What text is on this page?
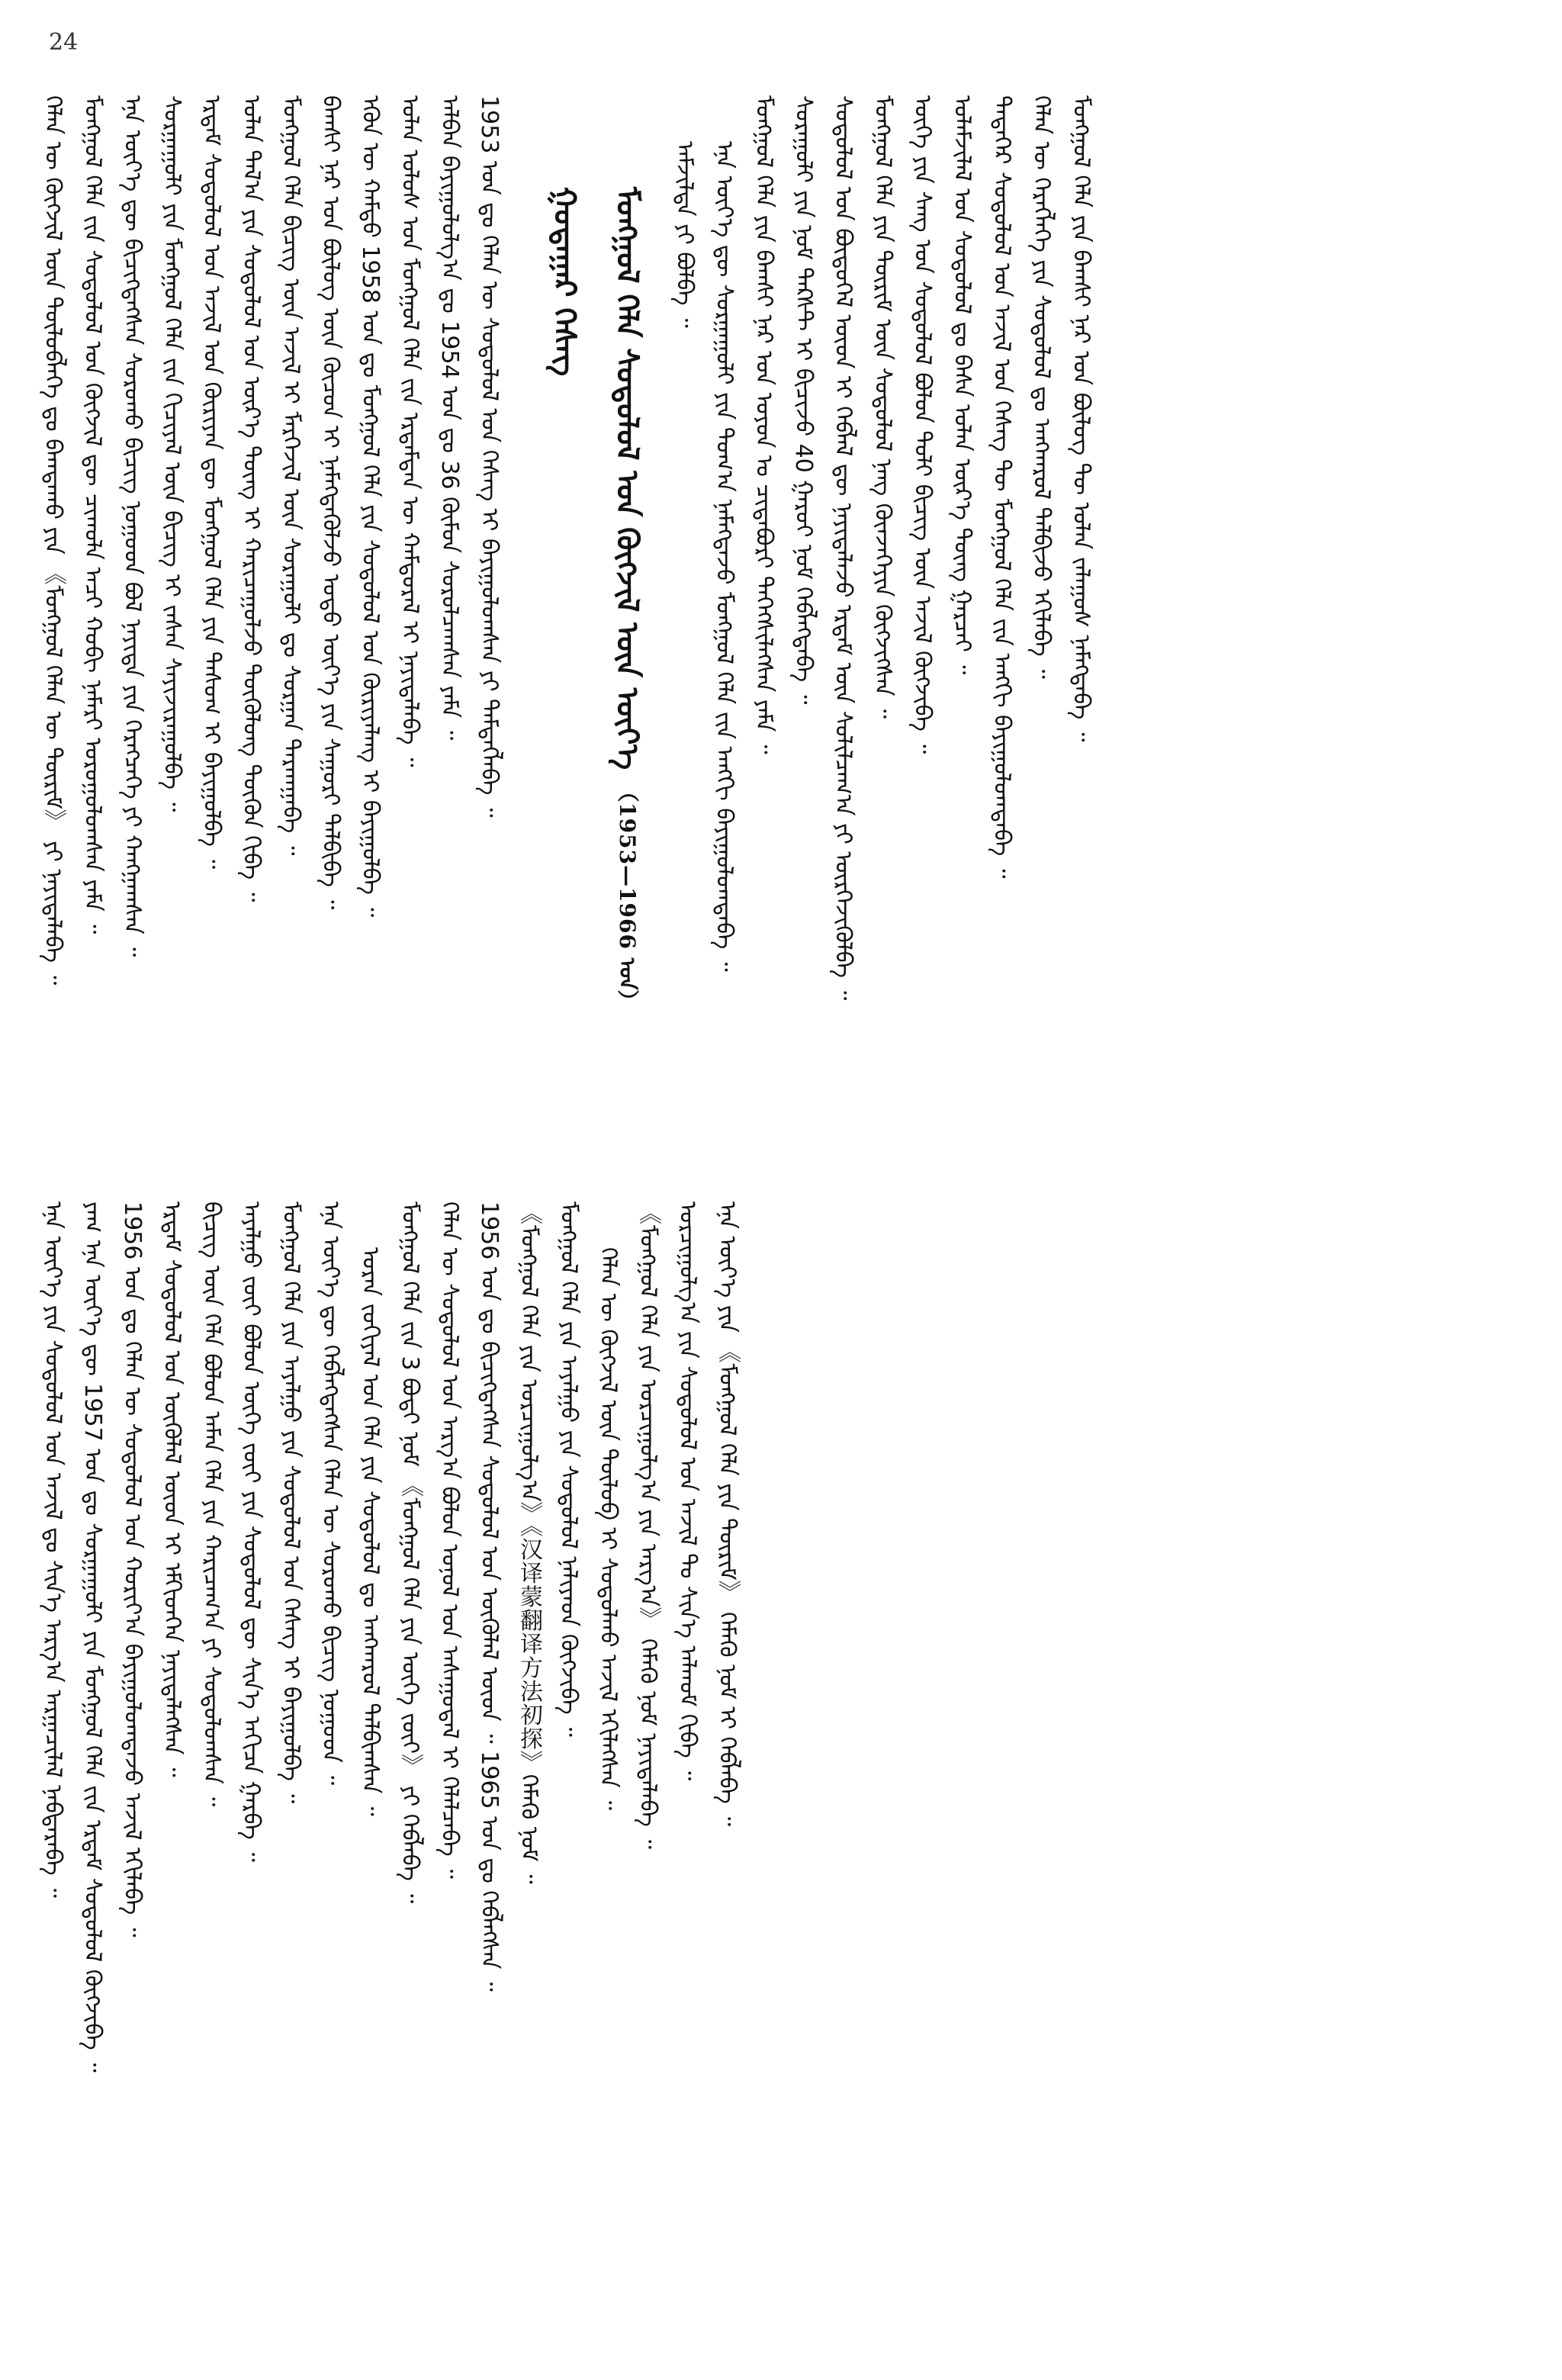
24
ᠬᠡᠯᠡᠨ ᠦ ᠬᠥᠭᠵᠢᠯ ᠦᠨ ᠲᠥᠯᠥᠪᠯᠡᠭᠡ ᠳᠤ ᠪᠠᠭᠲᠠᠬᠤ ᠶᠢᠨ 《ᠮᠣᠩᠭᠣᠯ ᠬᠡᠯᠡᠨ ᠦ ᠳᠦᠷᠢᠮ》 ᠶᠢ ᠨᠡᠶᠢᠲᠡᠯᠡᠪᠡ ᠃ ᠮᠣᠩᠭᠣᠯ ᠬᠡᠯᠡ ᠵᠢᠨ ᠰᠤᠳᠤᠯᠤᠯ ᠤᠨ ᠬᠥᠭᠵᠢᠯ ᠳᠦ ᠴᠢᠬᠤᠯᠠ ᠠᠴᠢ ᠬᠤᠪᠢ ᠨᠡᠮᠡᠷᠢ ᠣᠷᠤᠭᠤᠯᠤᠭᠰᠠᠨ ᠶᠠᠮᠠ ᠃ ᠡᠨᠡ ᠦᠶ᠎ᠡ ᠳᠦ ᠪᠢᠴᠢᠭᠳᠡᠭᠰᠡᠨ ᠰᠤᠷᠤᠬᠤ ᠪᠢᠴᠢᠭ ᠨᠤᠭᠤᠳ ᠪᠣᠯ ᠨᠡᠶᠢᠲᠡ ᠶᠢᠨ ᠬᠡᠷᠡᠭᠴᠡᠭᠡ ᠶᠢ ᠬᠠᠩᠭᠠᠭᠰᠠᠨ ᠃ ᠰᠤᠷᠭᠠᠭᠤᠯᠢ ᠶᠢᠨ ᠮᠣᠩᠭᠣᠯ ᠬᠡᠯᠡ ᠵᠢᠨ ᠬᠢᠴᠢᠶᠡᠯ ᠦᠨ ᠪᠢᠴᠢᠭ ᠢ ᠵᠠᠰᠠᠨ ᠰᠠᠶᠢᠵᠢᠷᠠᠭᠤᠯᠪᠠ ᠃ ᠡᠷᠳᠡᠮ ᠰᠤᠳᠤᠯᠤᠯ ᠤᠨ ᠠᠵᠢᠯ ᠤᠨ ᠬᠦᠷᠢᠶᠡᠨ ᠳᠦ ᠮᠣᠩᠭᠣᠯ ᠬᠡᠯᠡ ᠶᠢᠨ ᠲᠠᠰᠤᠭ ᠢ ᠪᠠᠶᠢᠭᠤᠯᠪᠠ ᠃ ᠣᠯᠠᠨ ᠲᠠᠯ᠎ᠠ ᠶᠢᠨ ᠰᠤᠳᠤᠯᠤᠯ ᠤᠨ ᠦᠷ᠎ᠡ ᠳᠦᠩ ᠢ ᠬᠠᠷᠢᠴᠠᠭᠤᠯᠵᠤ ᠳᠦᠭᠦᠯᠦᠩ ᠳᠦᠭᠦᠨ ᠬᠢᠪᠡ ᠃ ᠮᠣᠩᠭᠣᠯ ᠬᠡᠯᠡ ᠪᠢᠴᠢᠭ ᠦᠨ ᠠᠵᠢᠯ ᠢ ᠮᠡᠷᠭᠡᠵᠢᠯ ᠦᠨ ᠰᠤᠷᠠᠭᠤᠯᠢ ᠳᠤ ᠰᠤᠷᠭᠠᠨ ᠲᠠᠷᠬᠠᠭᠠᠪᠠ ᠃ ᠪᠠᠭᠰᠢ ᠨᠠᠷ ᠤᠨ ᠪᠦᠯᠦᠭ ᠦᠨ ᠬᠦᠴᠦᠨ ᠢ ᠨᠡᠮᠡᠭᠳᠡᠭᠦᠯᠵᠦ ᠣᠳᠣ ᠦᠶ᠎ᠡ ᠶᠢᠨ ᠰᠠᠭᠤᠷᠢ ᠲᠠᠯᠪᠢᠪᠠ ᠃ ᠡᠭᠦᠨ ᠦ ᠬᠠᠮᠲᠤ 1958 ᠣᠨ ᠳᠤ ᠮᠣᠩᠭᠣᠯ ᠬᠡᠯᠡ ᠶᠢᠨ ᠰᠤᠳᠤᠯᠤᠯ ᠤᠨ ᠬᠦᠷᠢᠶᠡᠯᠡᠩ ᠢ ᠪᠠᠶᠢᠭᠤᠯᠪᠠ ᠃ ᠣᠯᠠᠨ ᠤᠯᠤᠰ ᠤᠨ ᠮᠣᠩᠭᠣᠯ ᠬᠡᠯᠡ ᠵᠢᠨ ᠡᠷᠳᠡᠮᠲᠡᠨ ᠦ ᠬᠠᠮᠲᠤᠷᠠᠯ ᠢ ᠨᠡᠶᠢᠲᠡᠯᠡᠪᠡ ᠃ ᠠᠯᠪᠠᠨ ᠪᠠᠶᠢᠭᠤᠯᠤᠯᠭ᠎ᠠ ᠳᠤ 1954 ᠣᠨ ᠳᠤ 36 ᠬᠦᠮᠦᠨ ᠰᠤᠷᠤᠯᠴᠠᠭᠰᠠᠨ ᠶᠠᠮᠠ ᠃ 1953 ᠣᠨ ᠳᠤ ᠬᠡᠯᠡᠨ ᠦ ᠰᠤᠳᠤᠯᠤᠯ ᠤᠨ ᠬᠡᠰᠡᠭ ᠢ ᠪᠠᠶᠢᠭᠤᠯᠤᠭᠰᠠᠨ ᠶᠢ ᠲᠡᠮᠳᠡᠭᠯᠡᠪᠡ ᠃ ᠭᠤᠳᠠᠭᠠᠷ ᠬᠡᠰᠡᠭ ᠮᠣᠩᠭᠣᠯ ᠬᠡᠯᠡ ᠰᠤᠳᠤᠯᠤᠯ ᠤᠨ ᠬᠥᠭᠵᠢᠯ ᠦᠨ ᠦᠶ᠎ᠡ （1953—1966 ᠣᠨ）
ᠠᠮᠵᠢᠯᠲᠠ ᠶᠢ ᠪᠣᠯᠪᠠ ᠃ ᠡᠨᠡ ᠦᠶ᠎ᠡ ᠳᠦ ᠰᠤᠷᠭᠠᠭᠤᠯᠢ ᠶᠢᠨ ᠲᠣᠭ᠎ᠠ ᠨᠡᠮᠡᠭᠳᠡᠵᠦ ᠮᠣᠩᠭᠣᠯ ᠬᠡᠯᠡ ᠵᠢᠨ ᠠᠩᠭᠢ ᠪᠠᠶᠢᠭᠤᠯᠤᠭᠳᠠᠪᠠ ᠃ ᠮᠣᠩᠭᠣᠯ ᠬᠡᠯᠡ ᠶᠢᠨ ᠪᠠᠭᠰᠢ ᠨᠠᠷ ᠤᠨ ᠣᠶᠤᠨ ᠤ ᠴᠢᠳᠠᠪᠤᠷᠢ ᠳᠡᠭᠡᠭᠰᠢᠯᠡᠭᠰᠡᠨ ᠶᠠᠮᠠ ᠃ ᠰᠤᠷᠠᠭᠤᠯᠢ ᠶᠢᠨ ᠨᠣᠮ ᠲᠡᠺᠰᠲ ᠢ ᠪᠢᠴᠢᠵᠦ 40 ᠭᠠᠷᠤᠢ ᠨᠣᠮ ᠬᠡᠪᠯᠡᠭᠳᠡᠪᠡ ᠃ ᠰᠤᠳᠤᠯᠤᠯ ᠤᠨ ᠪᠦᠲᠦᠭᠡᠯ ᠦᠳ ᠢ ᠬᠡᠪᠯᠡᠯ ᠳᠦ ᠨᠡᠶᠢᠲᠡᠯᠡᠵᠦ ᠡᠷᠳᠡᠮ ᠦᠨ ᠰᠣᠯᠢᠯᠴᠠᠭ᠎ᠠ ᠶᠢ ᠥᠷᠭᠡᠵᠢᠭᠦᠯᠪᠡ ᠃ ᠮᠣᠩᠭᠣᠯ ᠬᠡᠯᠡ ᠶᠢᠨ ᠳᠦᠷᠢᠮ ᠦᠨ ᠰᠤᠳᠤᠯᠤᠯ ᠨᠡᠩ ᠭᠦᠨᠵᠡᠭᠡᠶᠢᠨ ᠬᠥᠭᠵᠢᠭᠰᠡᠨ ᠃ ᠦᠭᠡ ᠶᠢᠨ ᠰᠠᠩ ᠤᠨ ᠰᠤᠳᠤᠯᠤᠯ ᠪᠣᠯᠤᠨ ᠲᠣᠯᠢ ᠪᠢᠴᠢᠭ ᠦᠨ ᠠᠵᠢᠯ ᠬᠥᠭᠵᠢᠪᠡ ᠃ ᠤᠯᠠᠮᠵᠢᠯᠠᠯ ᠤᠨ ᠰᠤᠳᠤᠯᠤᠯ ᠳᠤ ᠪᠠᠰᠠ ᠣᠯᠠᠨ ᠦᠷ᠎ᠡ ᠳᠦᠩ ᠭᠠᠷᠴᠠᠢ ᠃ ᠲᠡᠳᠡᠭᠡᠷ ᠰᠤᠳᠤᠯᠤᠯ ᠤᠨ ᠠᠵᠢᠯ ᠤᠨ ᠬᠡᠰᠡᠭ ᠲᠦ ᠮᠣᠩᠭᠣᠯ ᠬᠡᠯᠡ ᠵᠢᠨ ᠠᠩᠭᠢ ᠪᠠᠶᠢᠭᠤᠯᠤᠭᠳᠠᠪᠠ ᠃ ᠬᠡᠯᠡᠨ ᠦ ᠬᠡᠷᠡᠭᠯᠡᠭᠡ ᠶᠢᠨ ᠰᠤᠳᠤᠯᠤᠯ ᠳᠤ ᠠᠩᠬᠠᠷᠤᠯ ᠲᠠᠯᠪᠢᠵᠤ ᠡᠬᠢᠯᠡᠪᠡ ᠃ ᠮᠣᠩᠭᠣᠯ ᠬᠡᠯᠡ ᠶᠢᠨ ᠪᠠᠭᠰᠢ ᠨᠠᠷ ᠤᠨ ᠪᠦᠯᠦᠭ ᠲᠦ ᠣᠯᠠᠨ ᠵᠠᠯᠠᠭᠤᠰ ᠨᠡᠮᠡᠭᠳᠡᠪᠡ ᠃
ᠡᠨᠡ ᠦᠶ᠎ᠡ ᠶᠢᠨ ᠰᠤᠳᠤᠯᠤᠯ ᠤᠨ ᠠᠵᠢᠯ ᠳᠤ ᠰᠢᠨ᠎ᠡ ᠠᠷᠭ᠎ᠠ ᠠᠷᠭᠠᠴᠢᠯᠠᠯ ᠨᠡᠪᠲᠡᠷᠡᠪᠡ ᠃ ᠶᠠᠭ ᠡᠨᠡ ᠦᠶ᠎ᠡ ᠳᠦ 1957 ᠣᠨ ᠳᠤ ᠰᠤᠷᠭᠠᠭᠤᠯᠢ ᠶᠢᠨ ᠮᠣᠩᠭᠣᠯ ᠬᠡᠯᠡ ᠵᠢᠨ ᠡᠷᠳᠡᠮ ᠰᠤᠳᠤᠯᠤᠯ ᠬᠥᠭᠵᠢᠪᠡ ᠃ 1956 ᠣᠨ ᠳᠤ ᠬᠡᠯᠡᠨ ᠦ ᠰᠤᠳᠤᠯᠤᠯ ᠤᠨ ᠬᠣᠷᠢᠶ᠎ᠠ ᠪᠠᠶᠢᠭᠤᠯᠤᠭᠳᠠᠵᠤ ᠠᠵᠢᠯ ᠡᠬᠢᠯᠡᠪᠡ ᠃ ᠡᠷᠳᠡᠮ ᠰᠤᠳᠤᠯᠤᠯ ᠤᠨ ᠥᠭᠦᠯᠡᠯ ᠦᠳ ᠢ ᠡᠮᠬᠢᠳᠬᠡᠨ ᠨᠡᠶᠢᠲᠡᠯᠡᠭᠰᠡᠨ ᠃ ᠪᠢᠴᠢᠭ ᠦᠨ ᠬᠡᠯᠡ ᠪᠣᠯᠤᠨ ᠠᠮᠠᠨ ᠬᠡᠯᠡ ᠶᠢᠨ ᠬᠠᠷᠢᠴᠠᠭ᠎ᠠ ᠶᠢ ᠰᠤᠳᠤᠯᠤᠭᠰᠠᠨ ᠃ ᠠᠶᠠᠯᠭᠤ ᠵᠦᠢ ᠪᠣᠯᠤᠨ ᠦᠭᠡ ᠵᠦᠢ ᠶᠢᠨ ᠰᠤᠳᠤᠯᠤᠯ ᠳᠦ ᠰᠢᠨ᠎ᠡ ᠠᠬᠢᠴᠠ ᠭᠠᠷᠪᠠ ᠃ ᠮᠣᠩᠭᠣᠯ ᠬᠡᠯᠡ ᠶᠢᠨ ᠠᠶᠠᠯᠭᠤ ᠶᠢᠨ ᠰᠤᠳᠤᠯᠤᠯ ᠤᠨ ᠬᠡᠰᠡᠭ ᠢ ᠪᠠᠶᠢᠭᠤᠯᠪᠠ ᠃ ᠡᠨᠡ ᠦᠶ᠎ᠡ ᠳᠦ ᠬᠡᠪᠯᠡᠭᠳᠡᠭᠰᠡᠨ ᠬᠡᠯᠡᠨ ᠦ ᠰᠤᠷᠤᠬᠤ ᠪᠢᠴᠢᠭ ᠨᠤᠭᠤᠳ ᠃ ᠤᠷᠠᠨ ᠵᠣᠬᠢᠶᠠᠯ ᠤᠨ ᠬᠡᠯᠡ ᠶᠢᠨ ᠰᠤᠳᠤᠯᠤᠯ ᠳᠤ ᠠᠩᠬᠠᠷᠤᠯ ᠲᠠᠯᠪᠢᠭᠰᠠᠨ ᠃ ᠮᠣᠩᠭᠣᠯ ᠬᠡᠯᠡ ᠵᠢᠨ 3 ᠪᠣᠳᠢ ᠨᠣᠮ 《ᠮᠣᠩᠭᠣᠯ ᠬᠡᠯᠡ ᠶᠢᠨ ᠦᠭᠡ ᠵᠦᠢ》 ᠶᠢ ᠬᠡᠪᠯᠡᠪᠡ ᠃ ᠬᠡᠯᠡᠨ ᠦ ᠰᠤᠳᠤᠯᠤᠯ ᠤᠨ ᠠᠷᠭ᠎ᠠ ᠪᠣᠯᠤᠨ ᠣᠨᠣᠯ ᠤᠨ ᠠᠰᠠᠭᠤᠳᠠᠯ ᠢ ᠬᠡᠯᠡᠯᠴᠡᠪᠡ ᠃ 1956 ᠣᠨ ᠳᠤ ᠪᠢᠴᠢᠭᠳᠡᠭᠰᠡᠨ ᠰᠤᠳᠤᠯᠤᠯ ᠤᠨ ᠥᠭᠦᠯᠡᠯ ᠦᠳ ᠃ 1965 ᠣᠨ ᠳᠤ ᠬᠡᠪᠯᠡᠭᠰᠡᠨ ᠃ 《ᠮᠣᠩᠭᠣᠯ ᠬᠡᠯᠡ ᠶᠢᠨ ᠣᠷᠴᠢᠭᠤᠯᠭ᠎ᠠ》《汉译蒙翻译方法初探》ᠬᠡᠮᠡᠬᠦ ᠨᠣᠮ ᠃ ᠮᠣᠩᠭᠣᠯ ᠬᠡᠯᠡ ᠶᠢᠨ ᠠᠶᠠᠯᠭᠤ ᠶᠢᠨ ᠰᠤᠳᠤᠯᠤᠯ ᠨᠡᠯᠢᠶᠡᠳ ᠬᠥᠭᠵᠢᠪᠡ ᠃ ᠬᠡᠯᠡᠨ ᠦ ᠬᠥᠭᠵᠢᠯ ᠦᠨ ᠲᠥᠯᠥᠪ ᠢ ᠰᠤᠳᠤᠯᠬᠤ ᠠᠵᠢᠯ ᠡᠬᠢᠯᠡᠭᠰᠡᠨ ᠃ 《ᠮᠣᠩᠭᠣᠯ ᠬᠡᠯᠡ ᠶᠢᠨ ᠣᠷᠴᠢᠭᠤᠯᠭ᠎ᠠ ᠶᠢᠨ ᠠᠷᠭ᠎ᠠ》 ᠬᠡᠮᠡᠬᠦ ᠨᠣᠮ ᠨᠡᠶᠢᠲᠡᠯᠡᠪᠡ ᠃ ᠣᠷᠴᠢᠭᠤᠯᠭ᠎ᠠ ᠶᠢᠨ ᠰᠤᠳᠤᠯᠤᠯ ᠤᠨ ᠠᠵᠢᠯ ᠲᠤ ᠰᠢᠨ᠎ᠡ ᠠᠯᠬᠤᠮ ᠬᠢᠪᠡ ᠃ ᠡᠨᠡ ᠦᠶ᠎ᠡ ᠶᠢᠨ 《ᠮᠣᠩᠭᠣᠯ ᠬᠡᠯᠡ ᠶᠢᠨ ᠳᠦᠷᠢᠮ》 ᠬᠡᠮᠡᠬᠦ ᠨᠣᠮ ᠢ ᠬᠡᠪᠯᠡᠪᠡ ᠃
